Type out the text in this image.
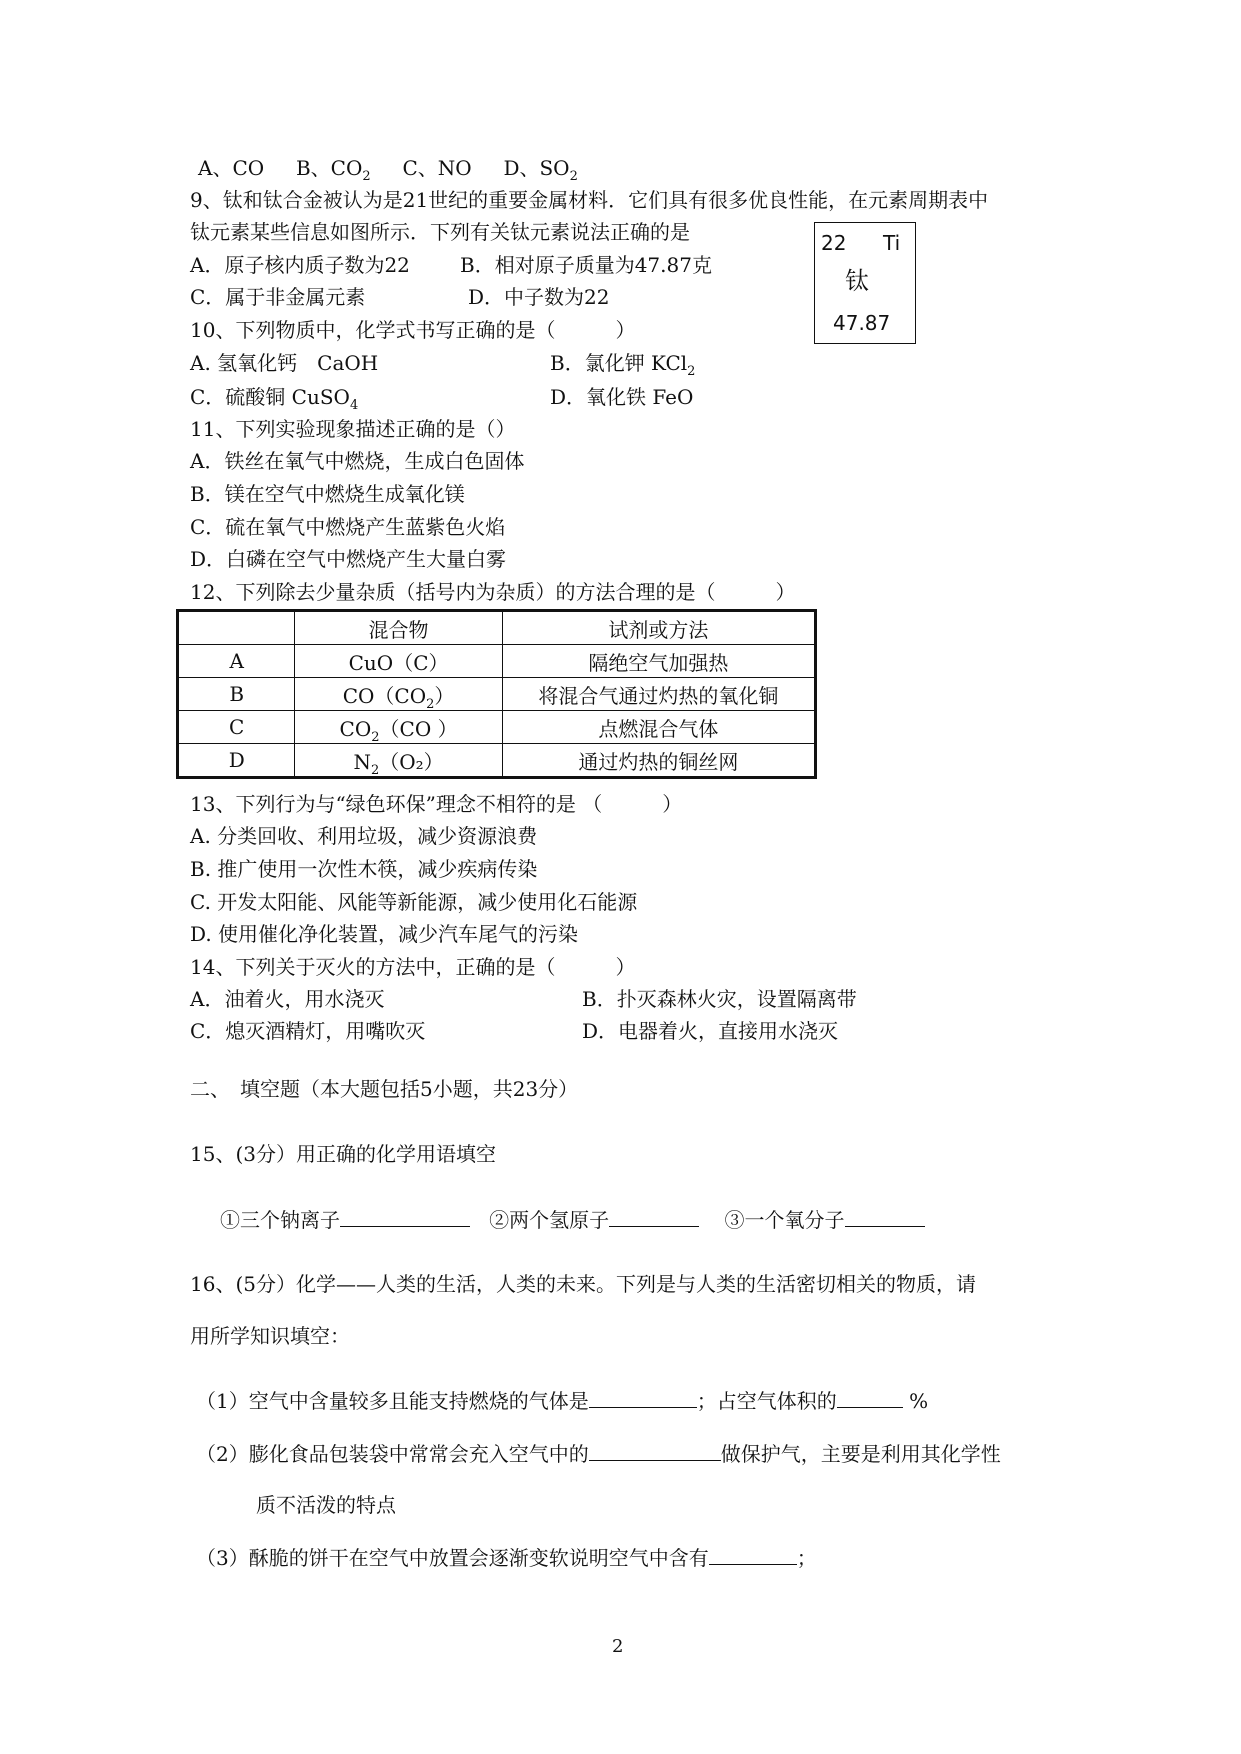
A、CO B、$CO_2$ C、NO D、$SO_2$
9、钛和钛合金被认为是21世纪的重要金属材料．它们具有很多优良性能，在元素周期表中
钛元素某些信息如图所示．下列有关钛元素说法正确的是
A．原子核内质子数为22	B．相对原子质量为47.87克
C．属于非金属元素	D．中子数为22
22 Ti
钛
47.87
10、下列物质中，化学式书写正确的是（　　　）
A. 氢氧化钙　CaOH	B．氯化钾 KCl$_2$
C．硫酸铜 CuSO$_4$	D．氧化铁 FeO
11、下列实验现象描述正确的是（）
A．铁丝在氧气中燃烧，生成白色固体
B．镁在空气中燃烧生成氧化镁
C．硫在氧气中燃烧产生蓝紫色火焰
D．白磷在空气中燃烧产生大量白雾
12、下列除去少量杂质（括号内为杂质）的方法合理的是（　　　）
	混合物	试剂或方法
A	CuO（C）	隔绝空气加强热
B	$CO(CO_2)$	将混合气通过灼热的氧化铜
C	$CO_2(CO$ ）	点燃混合气体
D	$N_2(O_2)$	通过灼热的铜丝网
13、下列行为与“绿色环保”理念不相符的是 （　　　）
A. 分类回收、利用垃圾，减少资源浪费
B. 推广使用一次性木筷，减少疾病传染
C. 开发太阳能、风能等新能源，减少使用化石能源
D. 使用催化净化装置，减少汽车尾气的污染
14、下列关于灭火的方法中，正确的是（　　　）
A．油着火，用水浇灭	B．扑灭森林火灾，设置隔离带
C．熄灭酒精灯，用嘴吹灭	D．电器着火，直接用水浇灭
二、　填空题（本大题包括5小题，共23分）
15、(3分）用正确的化学用语填空
①三个钠离子	②两个氢原子	③一个氧分子
16、(5分）化学——人类的生活，人类的未来。下列是与人类的生活密切相关的物质，请
用所学知识填空：
（1）空气中含量较多且能支持燃烧的气体是	；占空气体积的	%
（2）膨化食品包装袋中常常会充入空气中的	做保护气，主要是利用其化学性
质不活泼的特点
（3）酥脆的饼干在空气中放置会逐渐变软说明空气中含有	；
2
